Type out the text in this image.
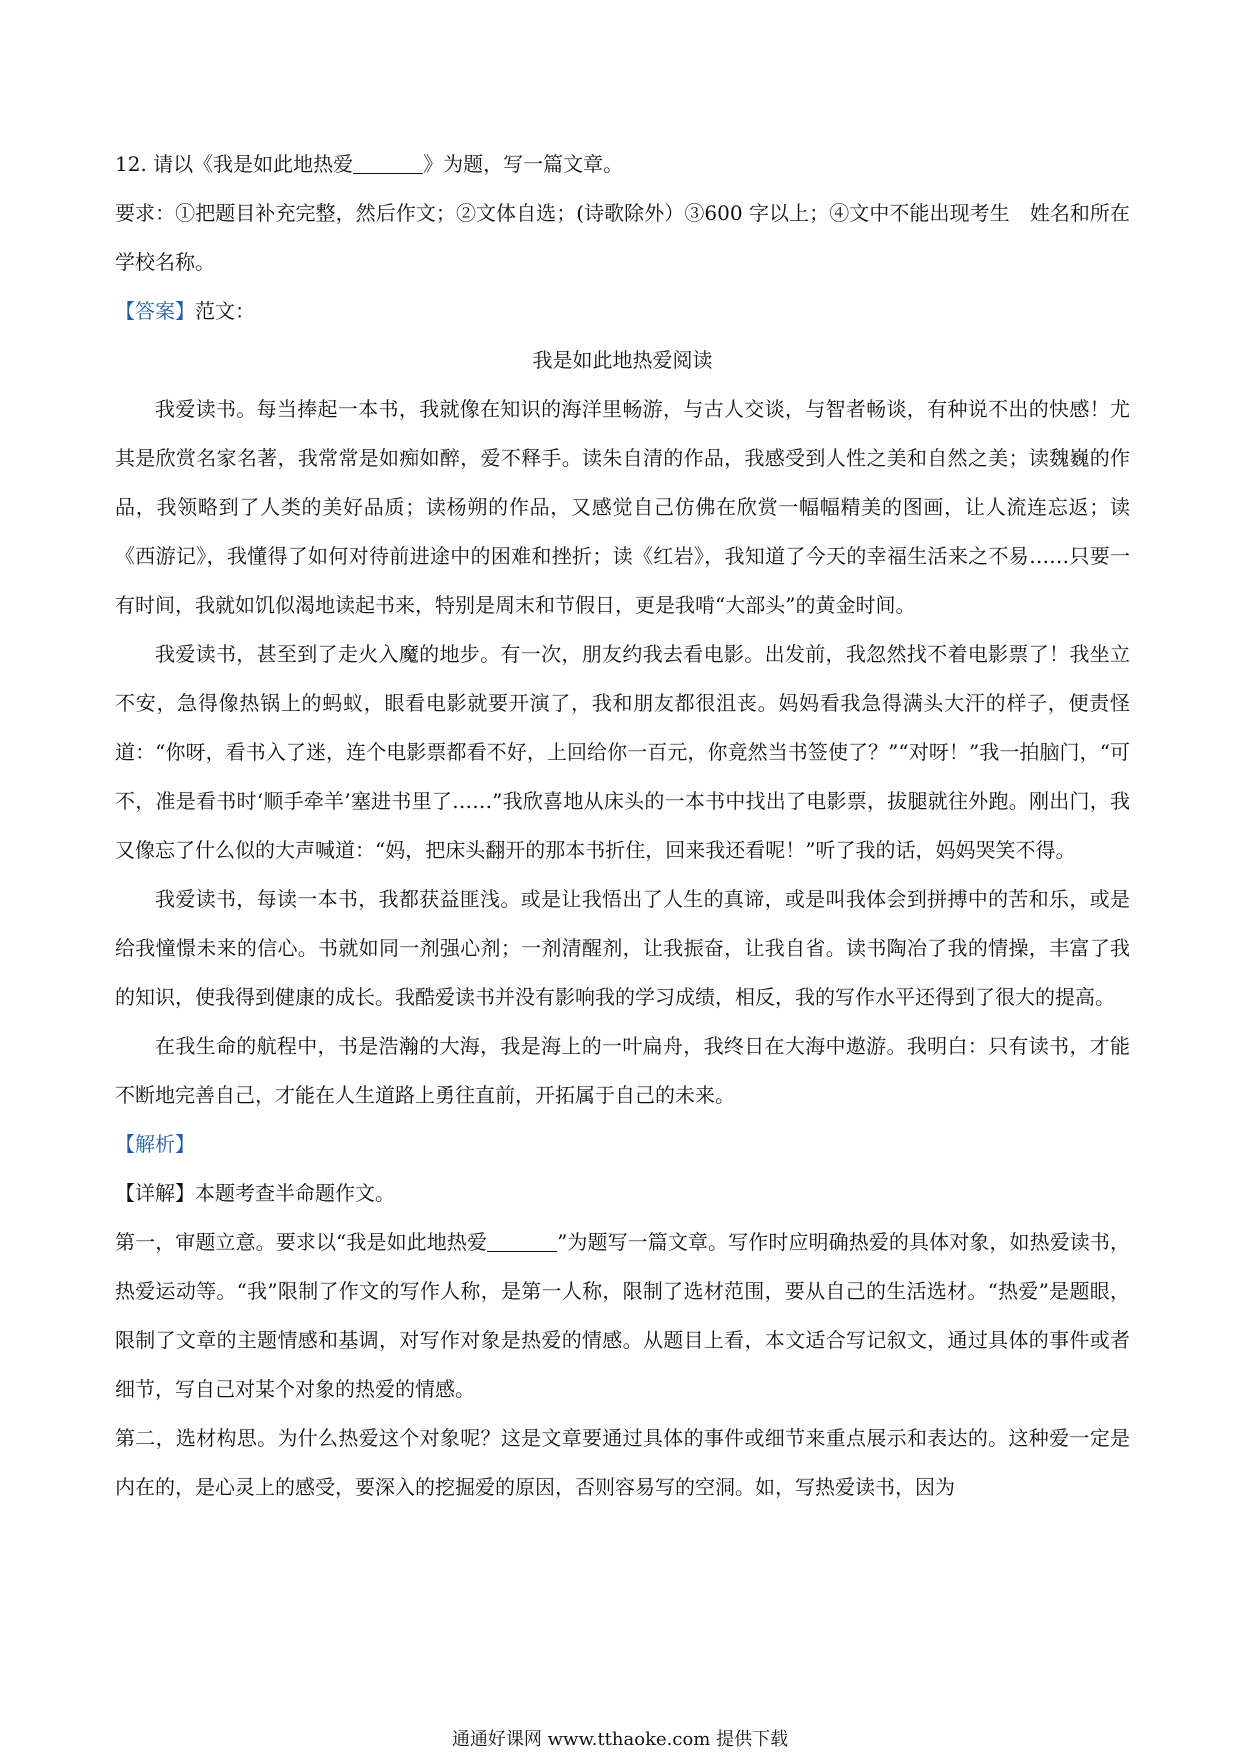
12. 请以《我是如此地热爱	》为题，写一篇文章。

要求：①把题目补充完整，然后作文；②文体自选；(诗歌除外）③600 字以上；④文中不能出现考生　姓名和所在学校名称。

【答案】范文：

我是如此地热爱阅读

我爱读书。每当捧起一本书，我就像在知识的海洋里畅游，与古人交谈，与智者畅谈，有种说不出的快感！尤其是欣赏名家名著，我常常是如痴如醉，爱不释手。读朱自清的作品，我感受到人性之美和自然之美；读魏巍的作品，我领略到了人类的美好品质；读杨朔的作品，又感觉自己仿佛在欣赏一幅幅精美的图画，让人流连忘返；读《西游记》，我懂得了如何对待前进途中的困难和挫折；读《红岩》，我知道了今天的幸福生活来之不易……只要一有时间，我就如饥似渴地读起书来，特别是周末和节假日，更是我啃“大部头”的黄金时间。

我爱读书，甚至到了走火入魔的地步。有一次，朋友约我去看电影。出发前，我忽然找不着电影票了！我坐立不安，急得像热锅上的蚂蚁，眼看电影就要开演了，我和朋友都很沮丧。妈妈看我急得满头大汗的样子，便责怪道：“你呀，看书入了迷，连个电影票都看不好，上回给你一百元，你竟然当书签使了？”“对呀！”我一拍脑门，“可不，准是看书时‘顺手牵羊’塞进书里了……”我欣喜地从床头的一本书中找出了电影票，拔腿就往外跑。刚出门，我又像忘了什么似的大声喊道：“妈，把床头翻开的那本书折住，回来我还看呢！”听了我的话，妈妈哭笑不得。

我爱读书，每读一本书，我都获益匪浅。或是让我悟出了人生的真谛，或是叫我体会到拼搏中的苦和乐，或是给我憧憬未来的信心。书就如同一剂强心剂；一剂清醒剂，让我振奋，让我自省。读书陶冶了我的情操，丰富了我的知识，使我得到健康的成长。我酷爱读书并没有影响我的学习成绩，相反，我的写作水平还得到了很大的提高。

在我生命的航程中，书是浩瀚的大海，我是海上的一叶扁舟，我终日在大海中遨游。我明白：只有读书，才能不断地完善自己，才能在人生道路上勇往直前，开拓属于自己的未来。

【解析】

【详解】本题考查半命题作文。

第一，审题立意。要求以“我是如此地热爱	”为题写一篇文章。写作时应明确热爱的具体对象，如热爱读书，热爱运动等。“我”限制了作文的写作人称，是第一人称，限制了选材范围，要从自己的生活选材。“热爱”是题眼，限制了文章的主题情感和基调，对写作对象是热爱的情感。从题目上看，本文适合写记叙文，通过具体的事件或者细节，写自己对某个对象的热爱的情感。

第二，选材构思。为什么热爱这个对象呢？这是文章要通过具体的事件或细节来重点展示和表达的。这种爱一定是内在的，是心灵上的感受，要深入的挖掘爱的原因，否则容易写的空洞。如，写热爱读书，因为

通通好课网 www.tthaoke.com 提供下载
